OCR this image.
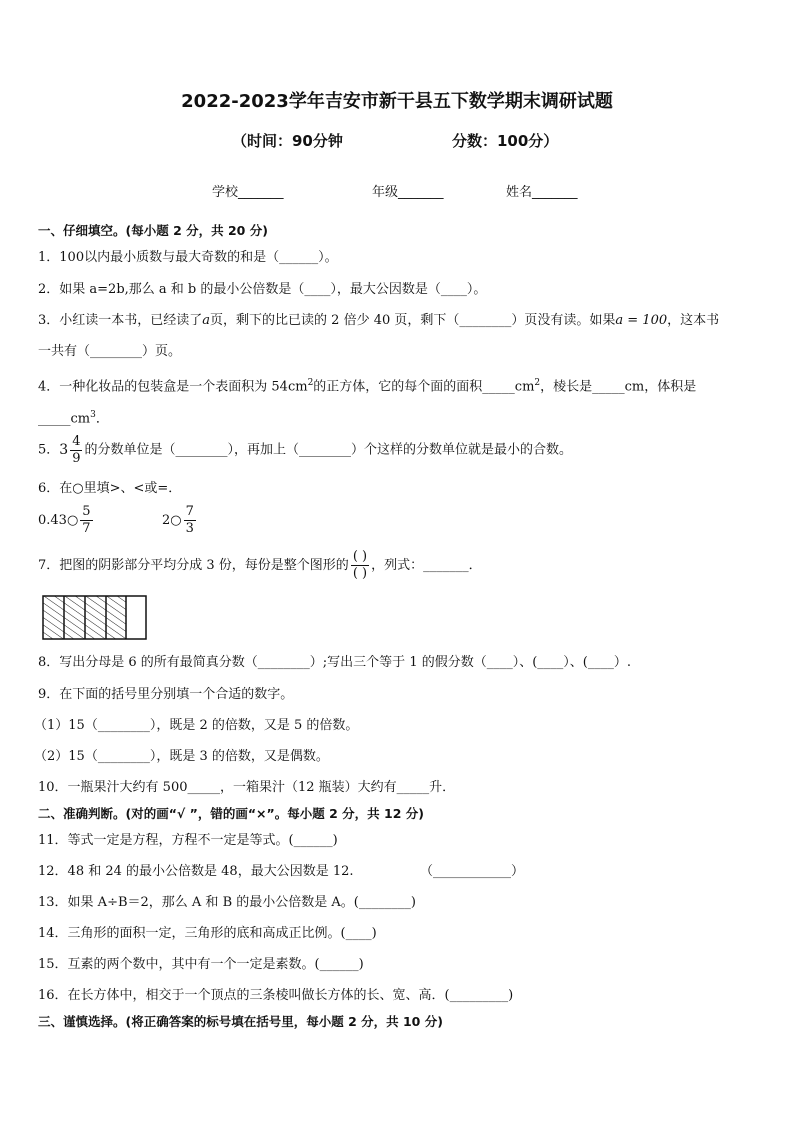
2022-2023学年吉安市新干县五下数学期末调研试题
（时间：90分钟	分数：100分）
学校_______	年级_______	姓名_______
一、仔细填空。(每小题 2 分，共 20 分)
1．100以内最小质数与最大奇数的和是（______）。
2．如果 a=2b,那么 a 和 b 的最小公倍数是（____），最大公因数是（____）。
3．小红读一本书，已经读了a页，剩下的比已读的 2 倍少 40 页，剩下（________）页没有读。如果a = 100，这本书
一共有（________）页。
4．一种化妆品的包装盒是一个表面积为 $54cm^2$的正方体，它的每个面的面积$\_\_\_\_\_cm^2$，棱长是_____cm，体积是
$\_\_\_\_\_cm^3$．
5．$3 \frac{4}{9}$ 的分数单位是（________），再加上（________）个这样的分数单位就是最小的合数。
6．在○里填>、<或=．
0.43○ $\frac{5}{7}$	2○ $\frac{7}{3}$
7．把图的阴影部分平均分成 3 份，每份是整个图形的 $\frac{( )}{( )}$ ，列式：_______．
8．写出分母是 6 的所有最简真分数（________）;写出三个等于 1 的假分数（____）、(____）、(____）.
9．在下面的括号里分别填一个合适的数字。
（1）15（________），既是 2 的倍数，又是 5 的倍数。
（2）15（________），既是 3 的倍数，又是偶数。
10．一瓶果汁大约有 500_____，一箱果汁（12 瓶装）大约有_____升．
二、准确判断。(对的画“√ ”，错的画“×”。每小题 2 分，共 12 分)
11．等式一定是方程，方程不一定是等式。(______)
12．48 和 24 的最小公倍数是 48，最大公因数是 12.	（____________）
13．如果 A÷B＝2，那么 A 和 B 的最小公倍数是 A。(________)
14．三角形的面积一定，三角形的底和高成正比例。(____)
15．互素的两个数中，其中有一个一定是素数。(______)
16．在长方体中，相交于一个顶点的三条棱叫做长方体的长、宽、高．(_________)
三、谨慎选择。(将正确答案的标号填在括号里，每小题 2 分，共 10 分)
